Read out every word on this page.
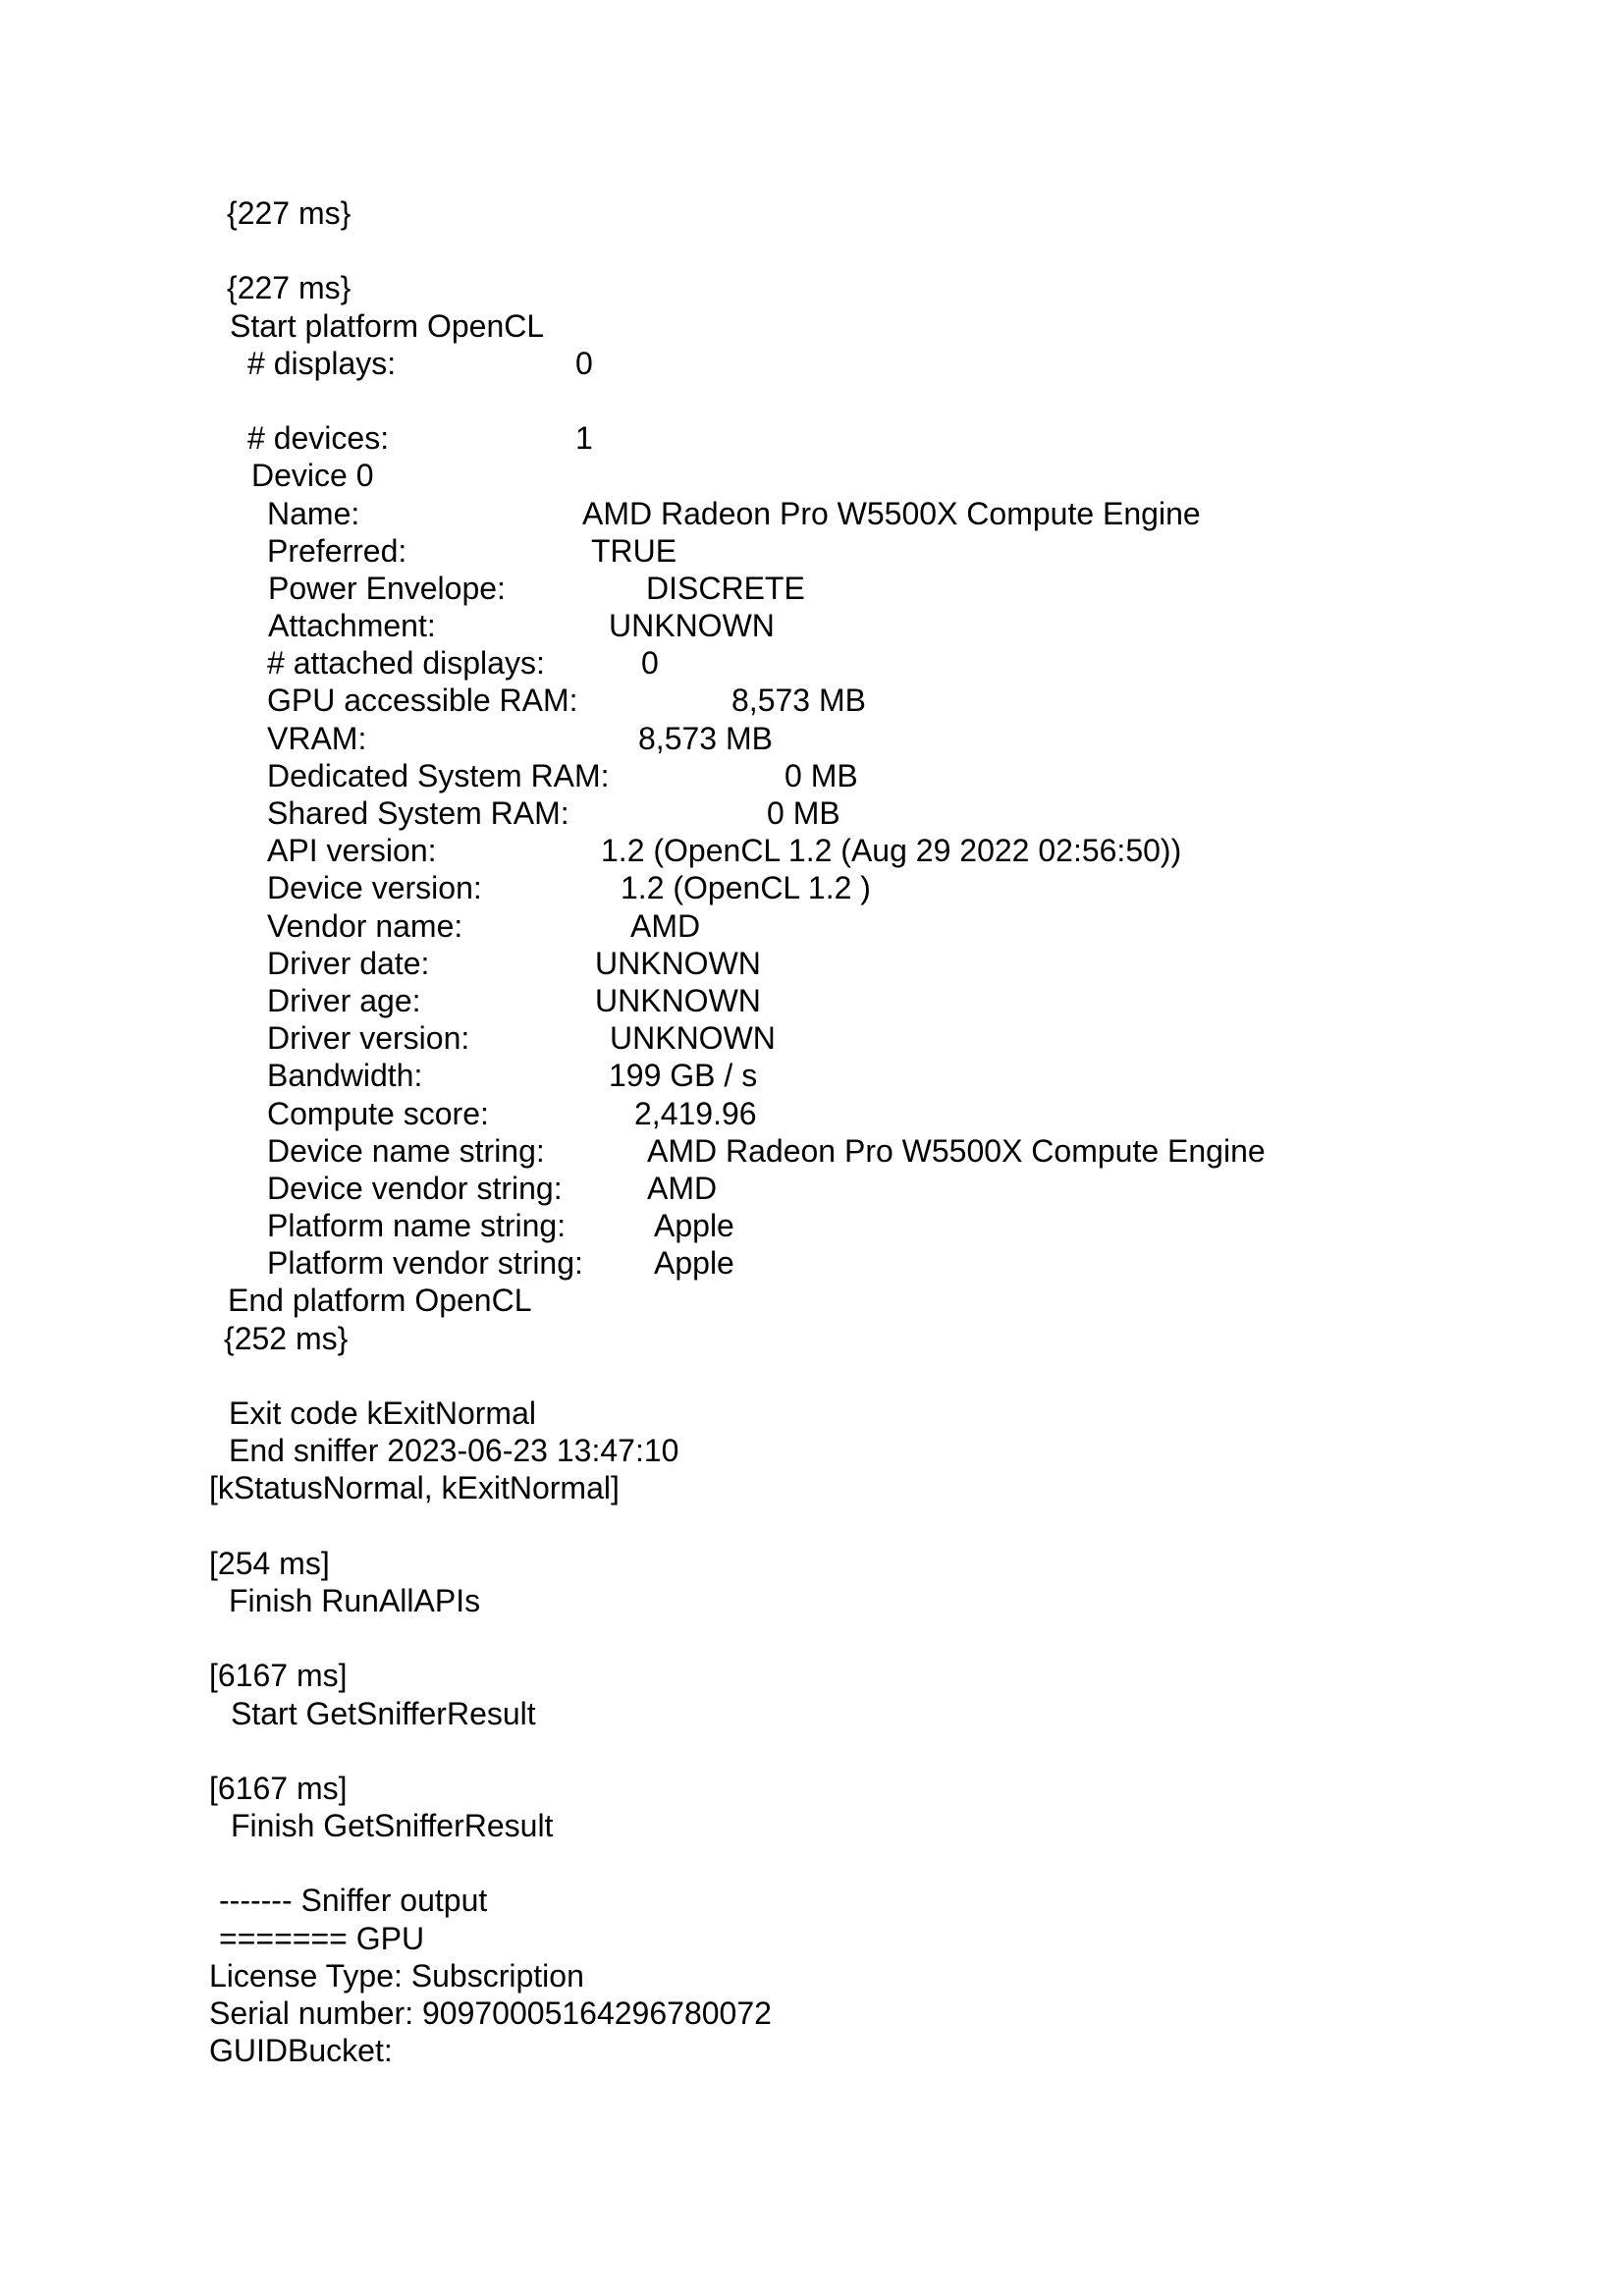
{227 ms}
{227 ms}
Start platform OpenCL
# displays:	0
# devices:	1
Device 0
Name:	AMD Radeon Pro W5500X Compute Engine
Preferred:	TRUE
Power Envelope:	DISCRETE
Attachment:	UNKNOWN
# attached displays:	0
GPU accessible RAM:	8,573 MB
VRAM:	8,573 MB
Dedicated System RAM:	0 MB
Shared System RAM:	0 MB
API version:	1.2 (OpenCL 1.2 (Aug 29 2022 02:56:50))
Device version:	1.2 (OpenCL 1.2 )
Vendor name:	AMD
Driver date:	UNKNOWN
Driver age:	UNKNOWN
Driver version:	UNKNOWN
Bandwidth:	199 GB / s
Compute score:	2,419.96
Device name string:	AMD Radeon Pro W5500X Compute Engine
Device vendor string:	AMD
Platform name string:	Apple
Platform vendor string: Apple
End platform OpenCL
{252 ms}
Exit code kExitNormal
End sniffer 2023-06-23 13:47:10
[kStatusNormal, kExitNormal]
[254 ms]
Finish RunAllAPIs
[6167 ms]
Start GetSnifferResult
[6167 ms]
Finish GetSnifferResult
------- Sniffer output
======= GPU
License Type: Subscription
Serial number: 90970005164296780072
GUIDBucket:
